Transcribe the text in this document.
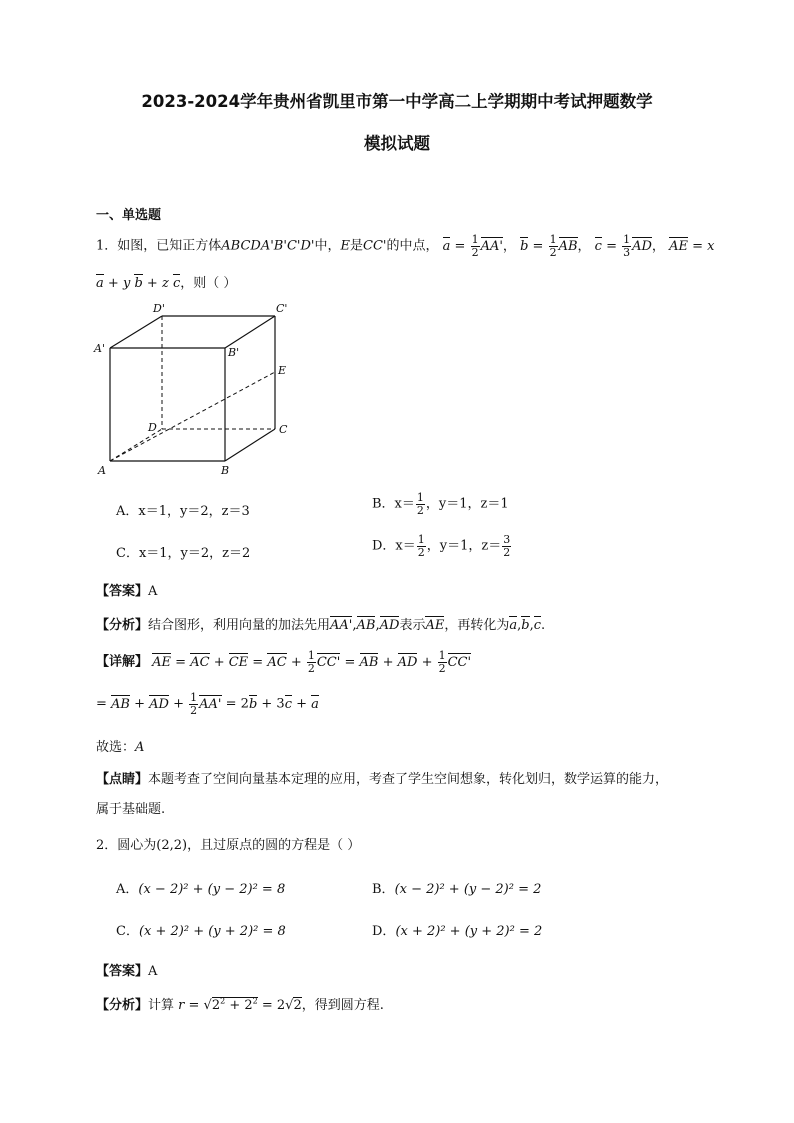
2023-2024学年贵州省凯里市第一中学高二上学期期中考试押题数学
模拟试题
一、单选题
1．如图，已知正方体ABCDA'B'C'D'中，E是CC'的中点， $a = \frac{1}{2} AA'$， $b = \frac{1}{2}$ AB， $c = \frac{1}{3}$ AD， AE = x
a + y b + z c，则（ ）
A	B
C
D
A'	B'
C'
D'
E
A．x＝1，y＝2，z＝3	B．$x= \frac{1}{2}$ ，y＝1，z＝1
C．x＝1，y＝2，z＝2	D．$x= \frac{1}{2}$ ，y＝1，$z= \frac{3}{2}$
【答案】A
【分析】结合图形，利用向量的加法先用AA',AB,AD表示AE，再转化为a,b,c.
【详解】 AE = AC + CE = AC + $\frac{1}{2} CC'$ = AB + AD + $\frac{1}{2} CC'$
= AB + AD + $\frac{1}{2} AA' = 2b + 3c + a$
故选：A
【点睛】本题考查了空间向量基本定理的应用，考查了学生空间想象，转化划归，数学运算的能力，
属于基础题.
2．圆心为(2,2)，且过原点的圆的方程是（ ）
A．(x − 2)² + (y − 2)² = 8	B．(x − 2)² + (y − 2)² = 2
C．(x + 2)² + (y + 2)² = 8	D．(x + 2)² + (y + 2)² = 2
【答案】A
【分析】计算 $r = √2^2 + 2^2 = 2√2$，得到圆方程.
